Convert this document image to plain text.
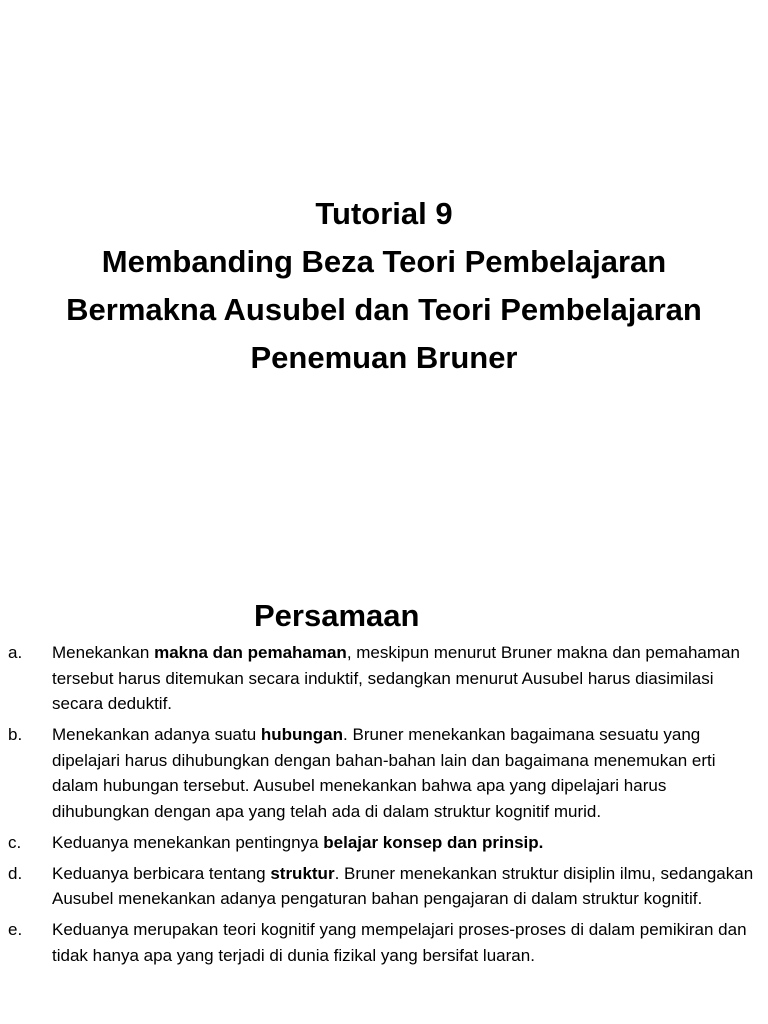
Tutorial 9
Membanding Beza Teori Pembelajaran
Bermakna Ausubel dan Teori Pembelajaran
Penemuan Bruner
Persamaan
a.	Menekankan makna dan pemahaman, meskipun menurut Bruner makna dan pemahaman tersebut harus ditemukan secara induktif, sedangkan menurut Ausubel harus diasimilasi secara deduktif.
b.	Menekankan adanya suatu hubungan. Bruner menekankan bagaimana sesuatu yang dipelajari harus dihubungkan dengan bahan-bahan lain dan bagaimana menemukan erti dalam hubungan tersebut. Ausubel menekankan bahwa apa yang dipelajari harus dihubungkan dengan apa yang telah ada di dalam struktur kognitif murid.
c.	Keduanya menekankan pentingnya belajar konsep dan prinsip.
d.	Keduanya berbicara tentang struktur. Bruner menekankan struktur disiplin ilmu, sedangakan Ausubel menekankan adanya pengaturan bahan pengajaran di dalam struktur kognitif.
e.	Keduanya merupakan teori kognitif yang mempelajari proses-proses di dalam pemikiran dan tidak hanya apa yang terjadi di dunia fizikal yang bersifat luaran.
